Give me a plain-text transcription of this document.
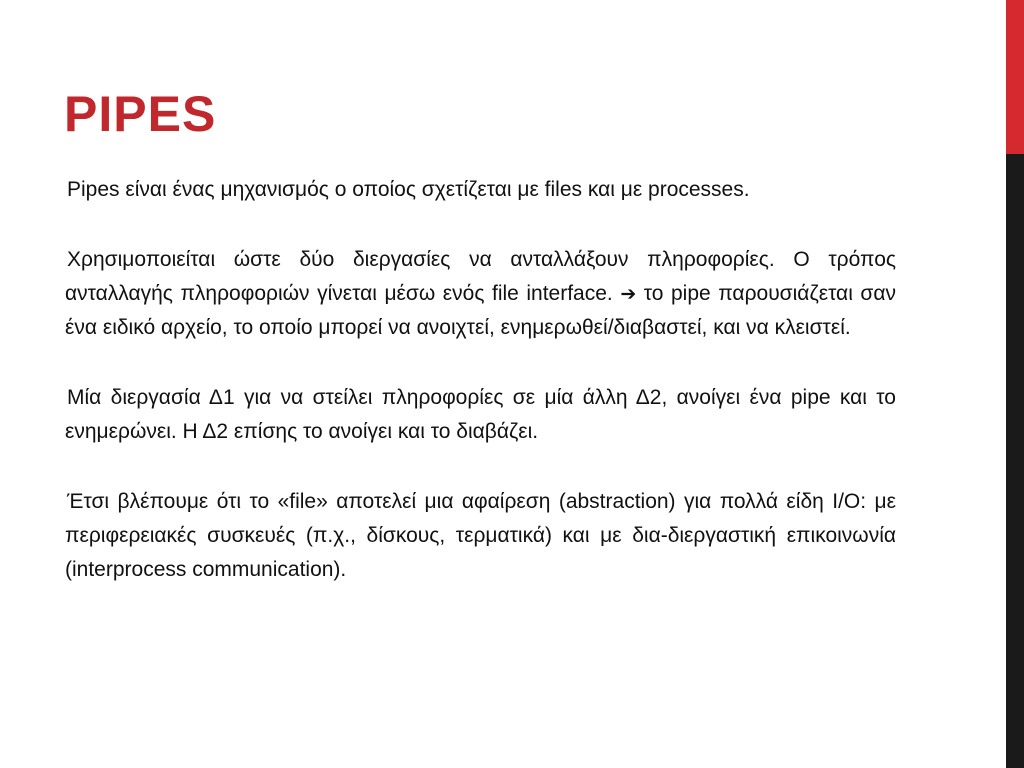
PIPES
Pipes είναι ένας μηχανισμός ο οποίος σχετίζεται με files και με processes.
Χρησιμοποιείται ώστε δύο διεργασίες να ανταλλάξουν πληροφορίες. Ο τρόπος ανταλλαγής πληροφοριών γίνεται μέσω ενός file interface. ➔ το pipe παρουσιάζεται σαν ένα ειδικό αρχείο, το οποίο μπορεί να ανοιχτεί, ενημερωθεί/διαβαστεί, και να κλειστεί.
Μία διεργασία Δ1 για να στείλει πληροφορίες σε μία άλλη Δ2, ανοίγει ένα pipe και το ενημερώνει. Η Δ2 επίσης το ανοίγει και το διαβάζει.
Έτσι βλέπουμε ότι το «file» αποτελεί μια αφαίρεση (abstraction) για πολλά είδη I/O: με περιφερειακές συσκευές (π.χ., δίσκους, τερματικά) και με δια-διεργαστική επικοινωνία (interprocess communication).
